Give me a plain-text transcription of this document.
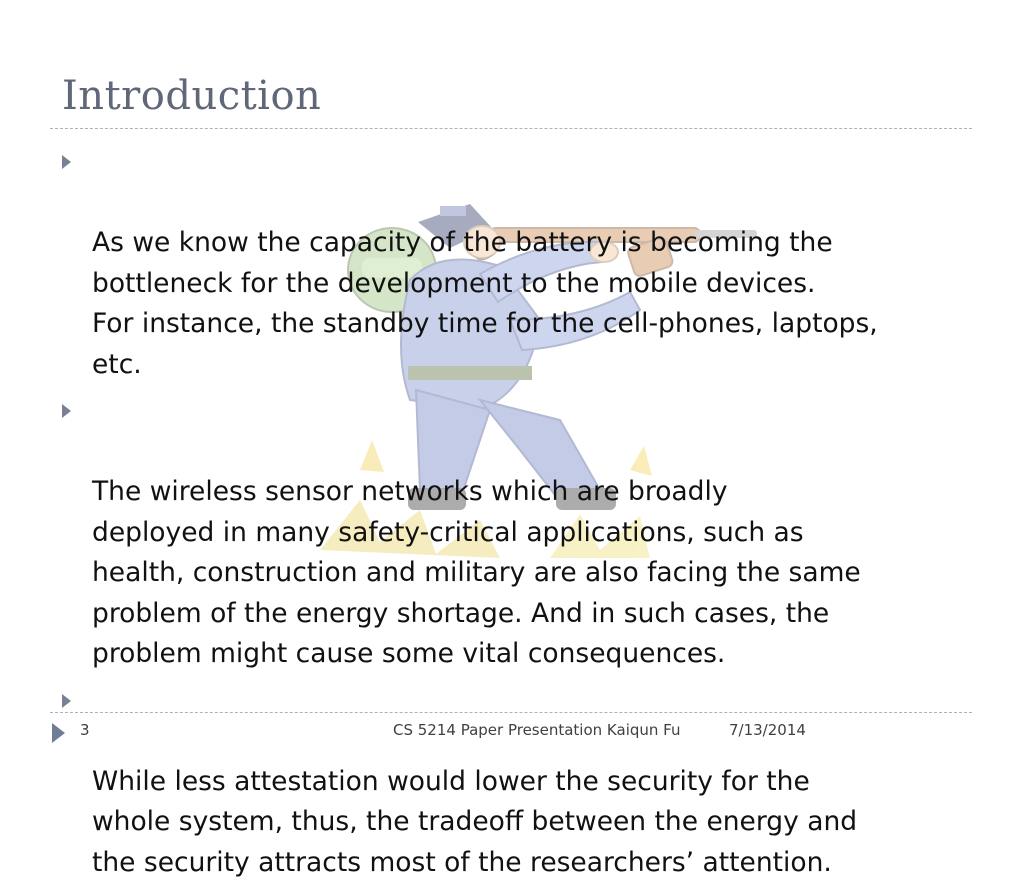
Introduction

As we know the capacity of the battery is becoming the
bottleneck for the development to the mobile devices.
For instance, the standby time for the cell-phones, laptops,
etc.

The wireless sensor networks which are broadly
deployed in many safety-critical applications, such as
health, construction and military are also facing the same
problem of the energy shortage. And in such cases, the
problem might cause some vital consequences.

While less attestation would lower the security for the
whole system, thus, the tradeoff between the energy and
the security attracts most of the researchers’ attention.

3	CS 5214 Paper Presentation Kaiqun Fu	7/13/2014
